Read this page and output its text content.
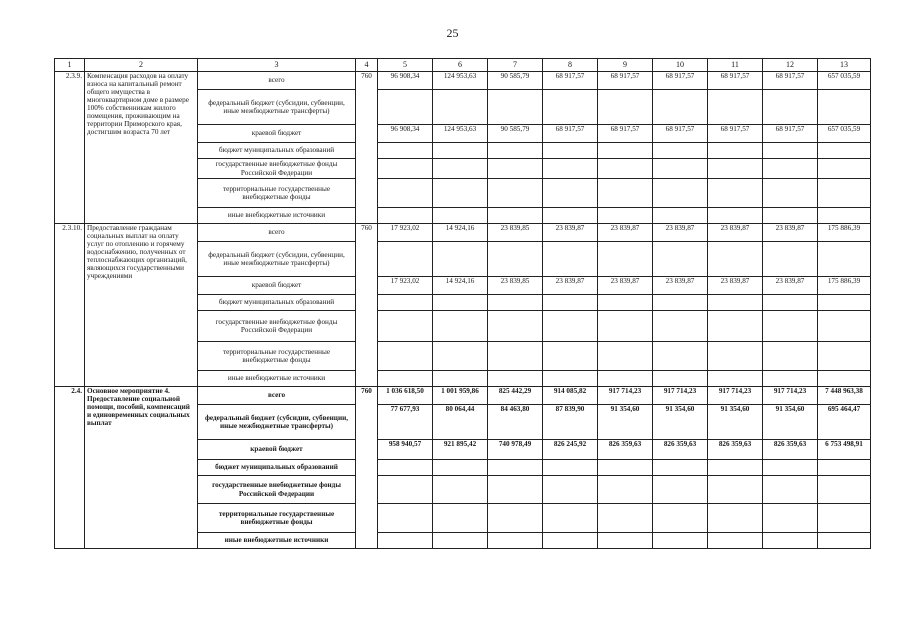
25
1	2	3	4	5	6	7	8	9	10	11	12	13
2.3.9.	Компенсация расходов на оплату взноса на капитальный ремонт общего имущества в многоквартирном доме в размере 100% собственникам жилого помещения, проживающим на территории Приморского края, достигшим возраста 70 лет	всего	760	96 908,34	124 953,63	90 585,79	68 917,57	68 917,57	68 917,57	68 917,57	68 917,57	657 035,59
		федеральный бюджет (субсидии, субвенции, иные межбюджетные трансферты)										
		краевой бюджет		96 908,34	124 953,63	90 585,79	68 917,57	68 917,57	68 917,57	68 917,57	68 917,57	657 035,59
		бюджет муниципальных образований										
		государственные внебюджетные фонды Российской Федерации										
		территориальные государственные внебюджетные фонды										
		иные внебюджетные источники										
2.3.10.	Предоставление гражданам социальных выплат на оплату услуг по отоплению и горячему водоснабжению, полученных от теплоснабжающих организаций, являющихся государственными учреждениями	всего	760	17 923,02	14 924,16	23 839,85	23 839,87	23 839,87	23 839,87	23 839,87	23 839,87	175 886,39
		федеральный бюджет (субсидии, субвенции, иные межбюджетные трансферты)										
		краевой бюджет		17 923,02	14 924,16	23 839,85	23 839,87	23 839,87	23 839,87	23 839,87	23 839,87	175 886,39
		бюджет муниципальных образований										
		государственные внебюджетные фонды Российской Федерации										
		территориальные государственные внебюджетные фонды										
		иные внебюджетные источники										
2.4.	Основное мероприятие 4. Предоставление социальной помощи, пособий, компенсаций и единовременных социальных выплат	всего	760	1 036 618,50	1 001 959,86	825 442,29	914 085,82	917 714,23	917 714,23	917 714,23	917 714,23	7 448 963,38
		федеральный бюджет (субсидии, субвенции, иные межбюджетные трансферты)		77 677,93	80 064,44	84 463,80	87 839,90	91 354,60	91 354,60	91 354,60	91 354,60	695 464,47
		краевой бюджет		958 940,57	921 895,42	740 978,49	826 245,92	826 359,63	826 359,63	826 359,63	826 359,63	6 753 498,91
		бюджет муниципальных образований										
		государственные внебюджетные фонды Российской Федерации										
		территориальные государственные внебюджетные фонды										
		иные внебюджетные источники										
